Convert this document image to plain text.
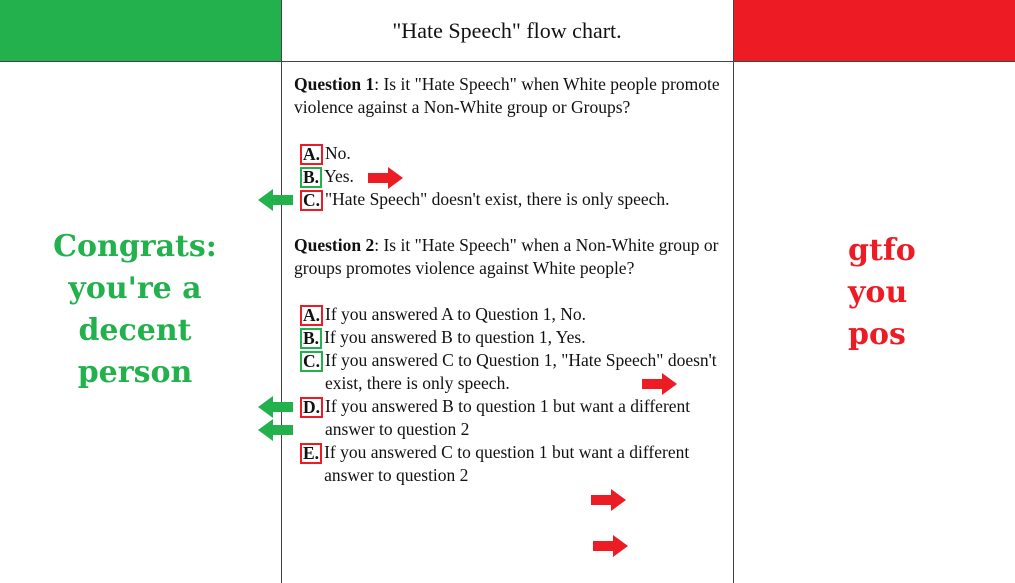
"Hate Speech" flow chart.
Congrats:
you're a
decent
person
gtfo
you
pos

Question 1: Is it "Hate Speech" when White people promote violence against a Non-White group or Groups?

A. No.
B. Yes.
C. "Hate Speech" doesn't exist, there is only speech.

Question 2: Is it "Hate Speech" when a Non-White group or groups promotes violence against White people?

A. If you answered A to Question 1, No.
B. If you answered B to question 1, Yes.
C. If you answered C to Question 1, "Hate Speech" doesn't exist, there is only speech.
D. If you answered B to question 1 but want a different answer to question 2
E. If you answered C to question 1 but want a different answer to question 2
